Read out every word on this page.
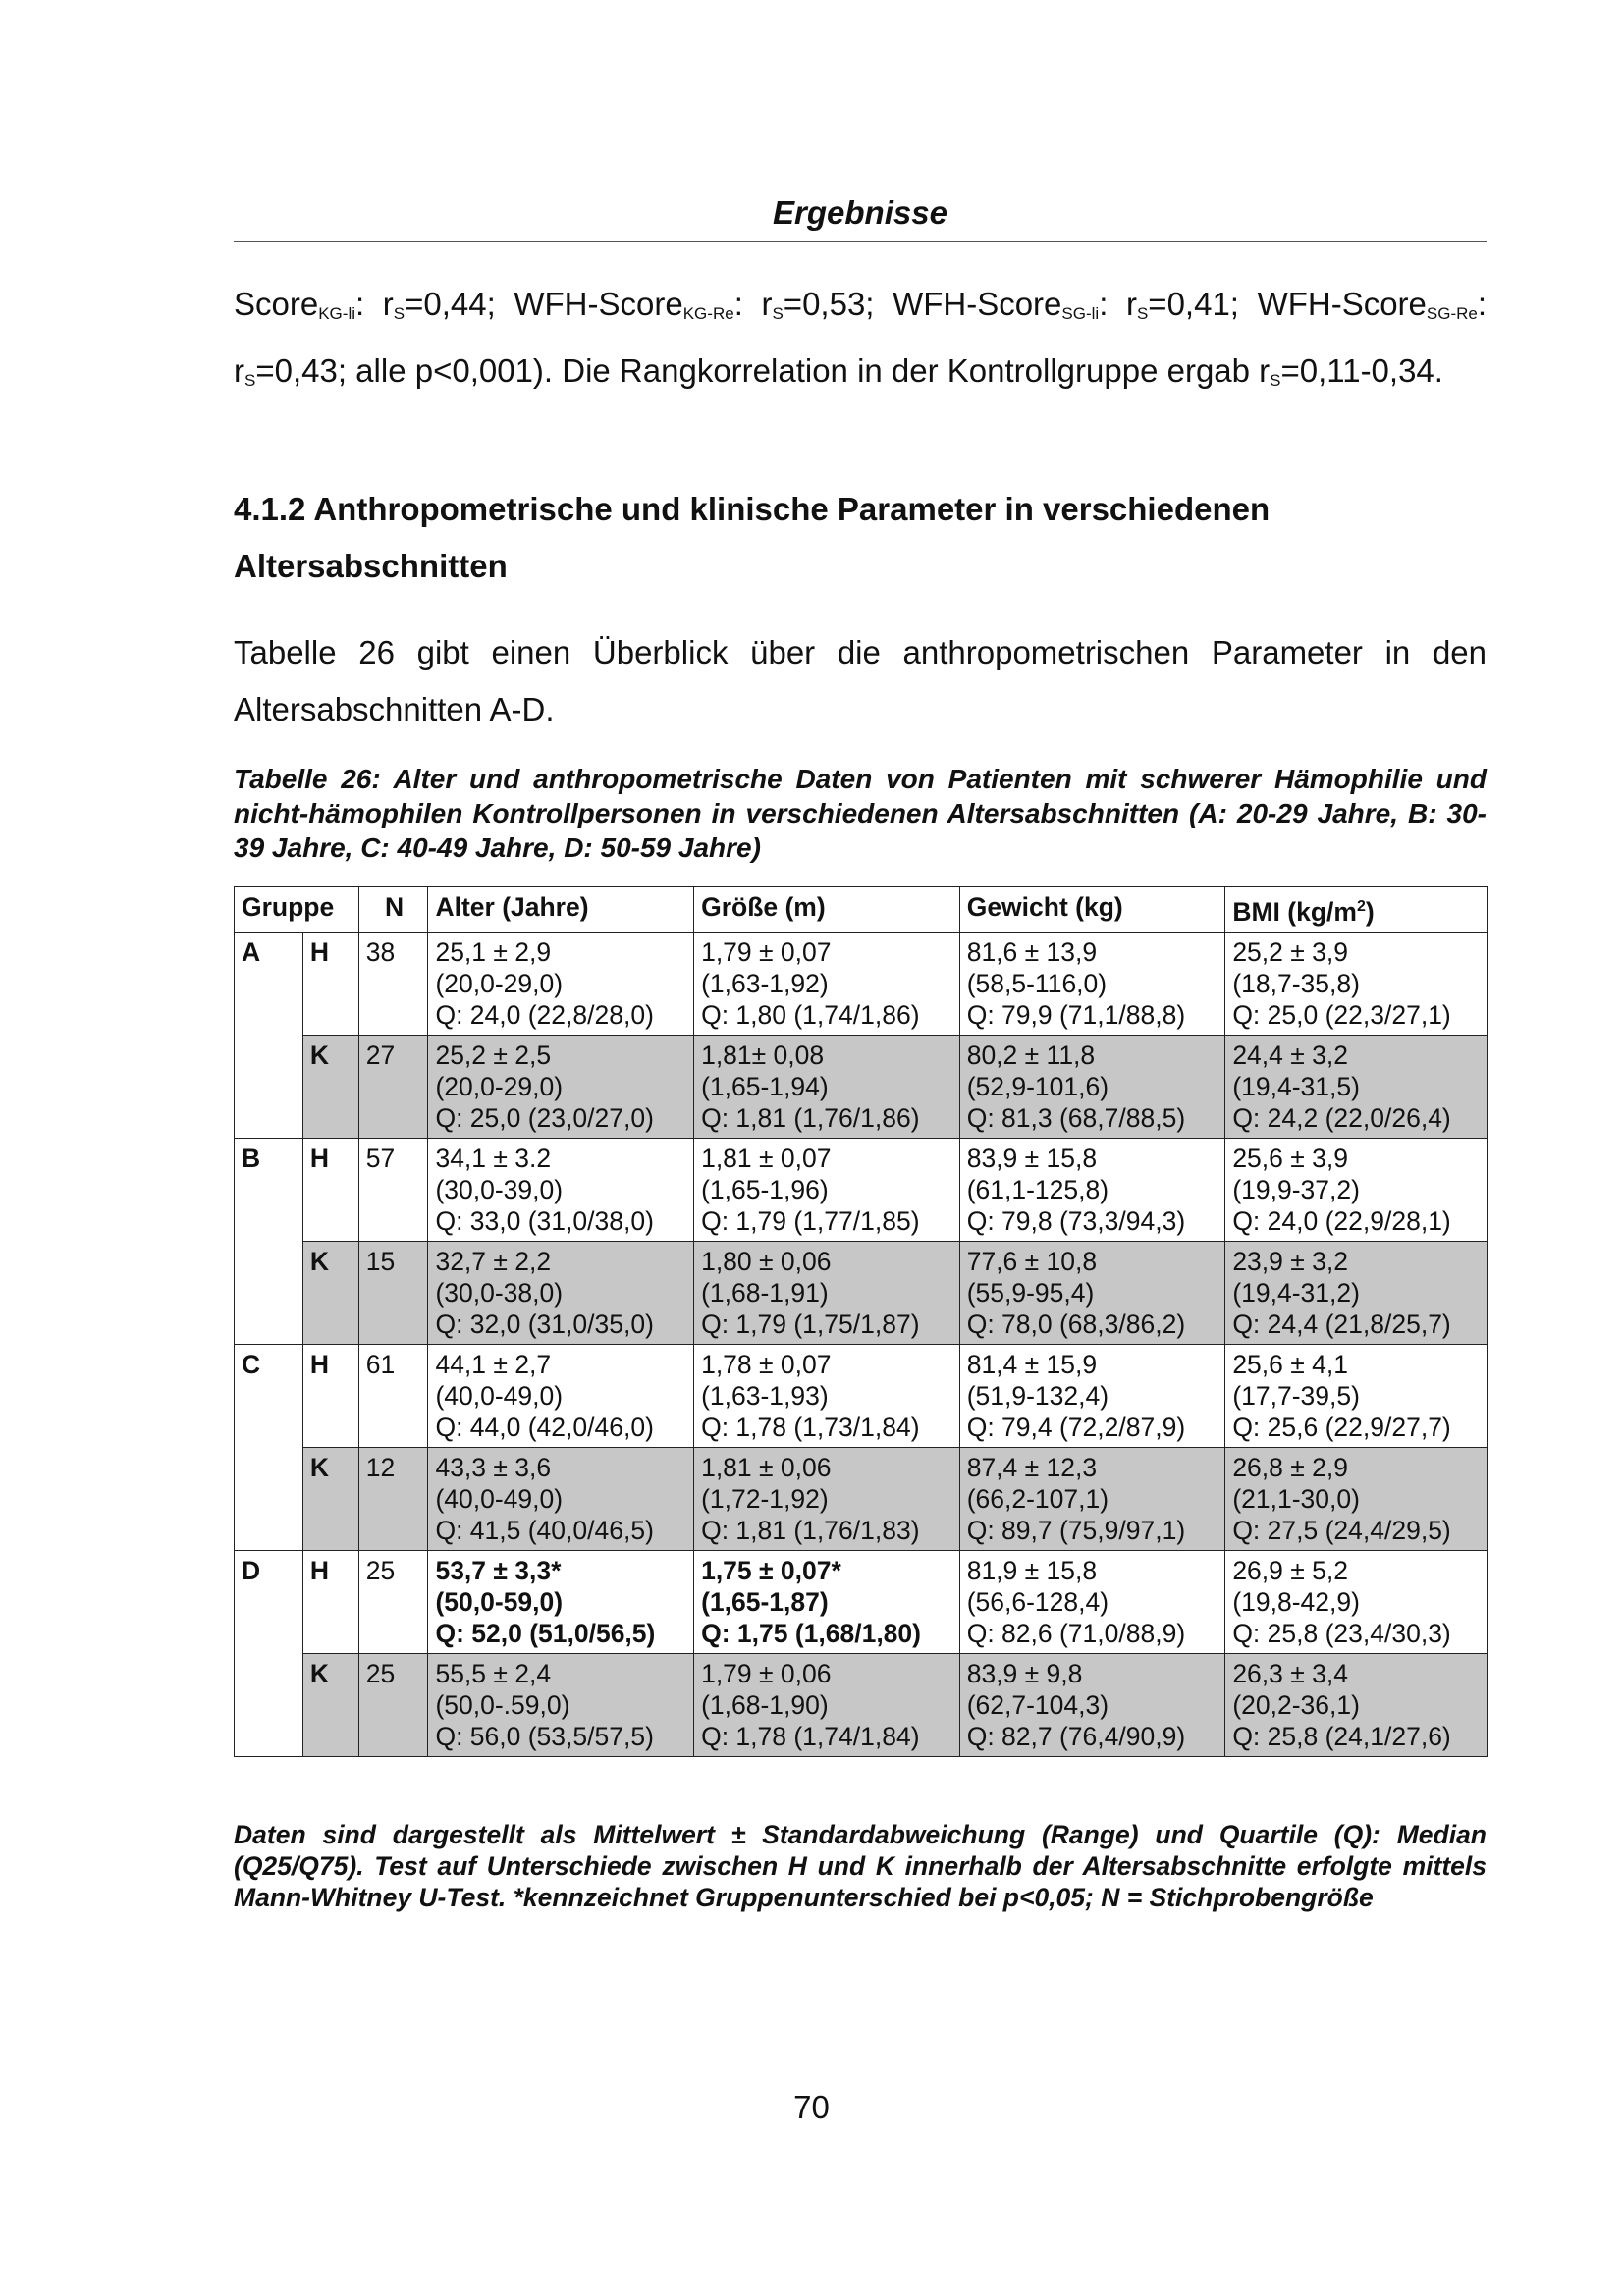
Ergebnisse
Score$_{KG-li}$: $r_S=0,44$; WFH-Score$_{KG-Re}$: $r_S=0,53$; WFH-Score$_{SG-li}$: $r_S=0,41$; WFH-Score$_{SG-Re}$: $r_S=0,43$; alle p<0,001). Die Rangkorrelation in der Kontrollgruppe ergab $r_S=0,11-0,34$.
4.1.2 Anthropometrische und klinische Parameter in verschiedenen Altersabschnitten
Tabelle 26 gibt einen Überblick über die anthropometrischen Parameter in den Altersabschnitten A-D.
Tabelle 26: Alter und anthropometrische Daten von Patienten mit schwerer Hämophilie und nicht-hämophilen Kontrollpersonen in verschiedenen Altersabschnitten (A: 20-29 Jahre, B: 30-39 Jahre, C: 40-49 Jahre, D: 50-59 Jahre)
Gruppe		N	Alter (Jahre)	Größe (m)	Gewicht (kg)	BMI $(kg/m^2)$
A	H	38	25,1 ± 2,9
(20,0-29,0)
Q: 24,0 (22,8/28,0)	1,79 ± 0,07
(1,63-1,92)
Q: 1,80 (1,74/1,86)	81,6 ± 13,9
(58,5-116,0)
Q: 79,9 (71,1/88,8)	25,2 ± 3,9
(18,7-35,8)
Q: 25,0 (22,3/27,1)

	K	27	25,2 ± 2,5
(20,0-29,0)
Q: 25,0 (23,0/27,0)	1,81± 0,08
(1,65-1,94)
Q: 1,81 (1,76/1,86)	80,2 ± 11,8
(52,9-101,6)
Q: 81,3 (68,7/88,5)	24,4 ± 3,2
(19,4-31,5)
Q: 24,2 (22,0/26,4)

B	H	57	34,1 ± 3.2
(30,0-39,0)
Q: 33,0 (31,0/38,0)	1,81 ± 0,07
(1,65-1,96)
Q: 1,79 (1,77/1,85)	83,9 ± 15,8
(61,1-125,8)
Q: 79,8 (73,3/94,3)	25,6 ± 3,9
(19,9-37,2)
Q: 24,0 (22,9/28,1)

	K	15	32,7 ± 2,2
(30,0-38,0)
Q: 32,0 (31,0/35,0)	1,80 ± 0,06
(1,68-1,91)
Q: 1,79 (1,75/1,87)	77,6 ± 10,8
(55,9-95,4)
Q: 78,0 (68,3/86,2)	23,9 ± 3,2
(19,4-31,2)
Q: 24,4 (21,8/25,7)

C	H	61	44,1 ± 2,7
(40,0-49,0)
Q: 44,0 (42,0/46,0)	1,78 ± 0,07
(1,63-1,93)
Q: 1,78 (1,73/1,84)	81,4 ± 15,9
(51,9-132,4)
Q: 79,4 (72,2/87,9)	25,6 ± 4,1
(17,7-39,5)
Q: 25,6 (22,9/27,7)

	K	12	43,3 ± 3,6
(40,0-49,0)
Q: 41,5 (40,0/46,5)	1,81 ± 0,06
(1,72-1,92)
Q: 1,81 (1,76/1,83)	87,4 ± 12,3
(66,2-107,1)
Q: 89,7 (75,9/97,1)	26,8 ± 2,9
(21,1-30,0)
Q: 27,5 (24,4/29,5)

D	H	25	53,7 ± 3,3*
(50,0-59,0)
Q: 52,0 (51,0/56,5)	1,75 ± 0,07*
(1,65-1,87)
Q: 1,75 (1,68/1,80)	81,9 ± 15,8
(56,6-128,4)
Q: 82,6 (71,0/88,9)	26,9 ± 5,2
(19,8-42,9)
Q: 25,8 (23,4/30,3)

	K	25	55,5 ± 2,4
(50,0-.59,0)
Q: 56,0 (53,5/57,5)	1,79 ± 0,06
(1,68-1,90)
Q: 1,78 (1,74/1,84)	83,9 ± 9,8
(62,7-104,3)
Q: 82,7 (76,4/90,9)	26,3 ± 3,4
(20,2-36,1)
Q: 25,8 (24,1/27,6)
Daten sind dargestellt als Mittelwert ± Standardabweichung (Range) und Quartile (Q): Median (Q25/Q75). Test auf Unterschiede zwischen H und K innerhalb der Altersabschnitte erfolgte mittels Mann-Whitney U-Test. *kennzeichnet Gruppenunterschied bei p<0,05; N = Stichprobengröße
70
